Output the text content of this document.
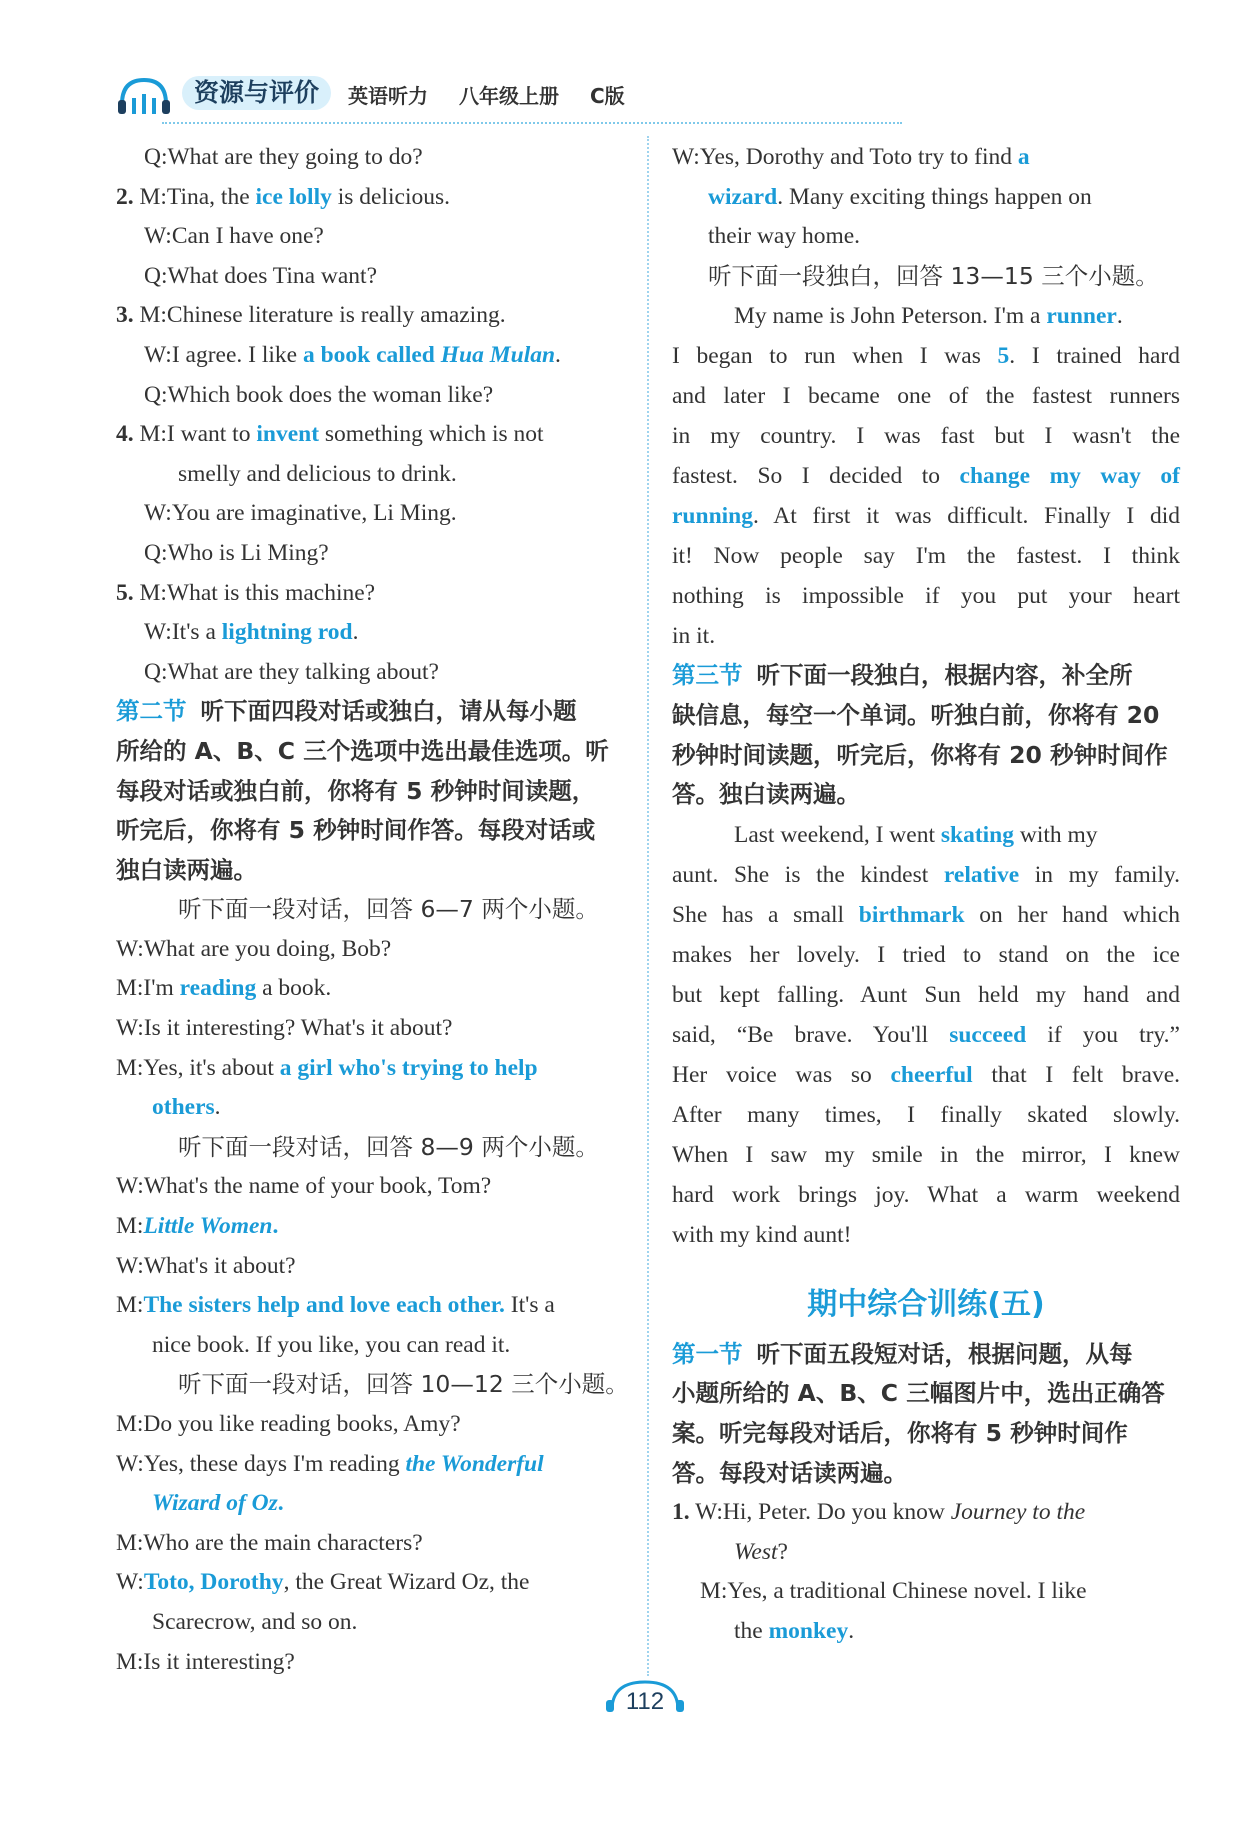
资源与评价	英语听力 八年级上册 C版
Q:What are they going to do?
2. M:Tina, the ice lolly is delicious.
W:Can I have one?
Q:What does Tina want?
3. M:Chinese literature is really amazing.
W:I agree. I like a book called Hua Mulan.
Q:Which book does the woman like?
4. M:I want to invent something which is not
smelly and delicious to drink.
W:You are imaginative, Li Ming.
Q:Who is Li Ming?
5. M:What is this machine?
W:It's a lightning rod.
Q:What are they talking about?
第二节 听下面四段对话或独白，请从每小题
所给的 A、B、C 三个选项中选出最佳选项。听
每段对话或独白前，你将有 5 秒钟时间读题，
听完后，你将有 5 秒钟时间作答。每段对话或
独白读两遍。
听下面一段对话，回答 6—7 两个小题。
W:What are you doing, Bob?
M:I'm reading a book.
W:Is it interesting? What's it about?
M:Yes, it's about a girl who's trying to help
others.
听下面一段对话，回答 8—9 两个小题。
W:What's the name of your book, Tom?
M:Little Women.
W:What's it about?
M:The sisters help and love each other. It's a
nice book. If you like, you can read it.
听下面一段对话，回答 10—12 三个小题。
M:Do you like reading books, Amy?
W:Yes, these days I'm reading the Wonderful
Wizard of Oz.
M:Who are the main characters?
W:Toto, Dorothy, the Great Wizard Oz, the
Scarecrow, and so on.
M:Is it interesting?
W:Yes, Dorothy and Toto try to find a
wizard. Many exciting things happen on
their way home.
听下面一段独白，回答 13—15 三个小题。
My name is John Peterson. I'm a runner.
I began to run when I was 5. I trained hard
and later I became one of the fastest runners
in my country. I was fast but I wasn't the
fastest. So I decided to change my way of
running. At first it was difficult. Finally I did
it! Now people say I'm the fastest. I think
nothing is impossible if you put your heart
in it.
第三节 听下面一段独白，根据内容，补全所
缺信息，每空一个单词。听独白前，你将有 20
秒钟时间读题，听完后，你将有 20 秒钟时间作
答。独白读两遍。
Last weekend, I went skating with my
aunt. She is the kindest relative in my family.
She has a small birthmark on her hand which
makes her lovely. I tried to stand on the ice
but kept falling. Aunt Sun held my hand and
said, “Be brave. You'll succeed if you try.”
Her voice was so cheerful that I felt brave.
After many times, I finally skated slowly.
When I saw my smile in the mirror, I knew
hard work brings joy. What a warm weekend
with my kind aunt!
期中综合训练(五)
第一节 听下面五段短对话，根据问题，从每
小题所给的 A、B、C 三幅图片中，选出正确答
案。听完每段对话后，你将有 5 秒钟时间作
答。每段对话读两遍。
1. W:Hi, Peter. Do you know Journey to the
West?
M:Yes, a traditional Chinese novel. I like
the monkey.
112
